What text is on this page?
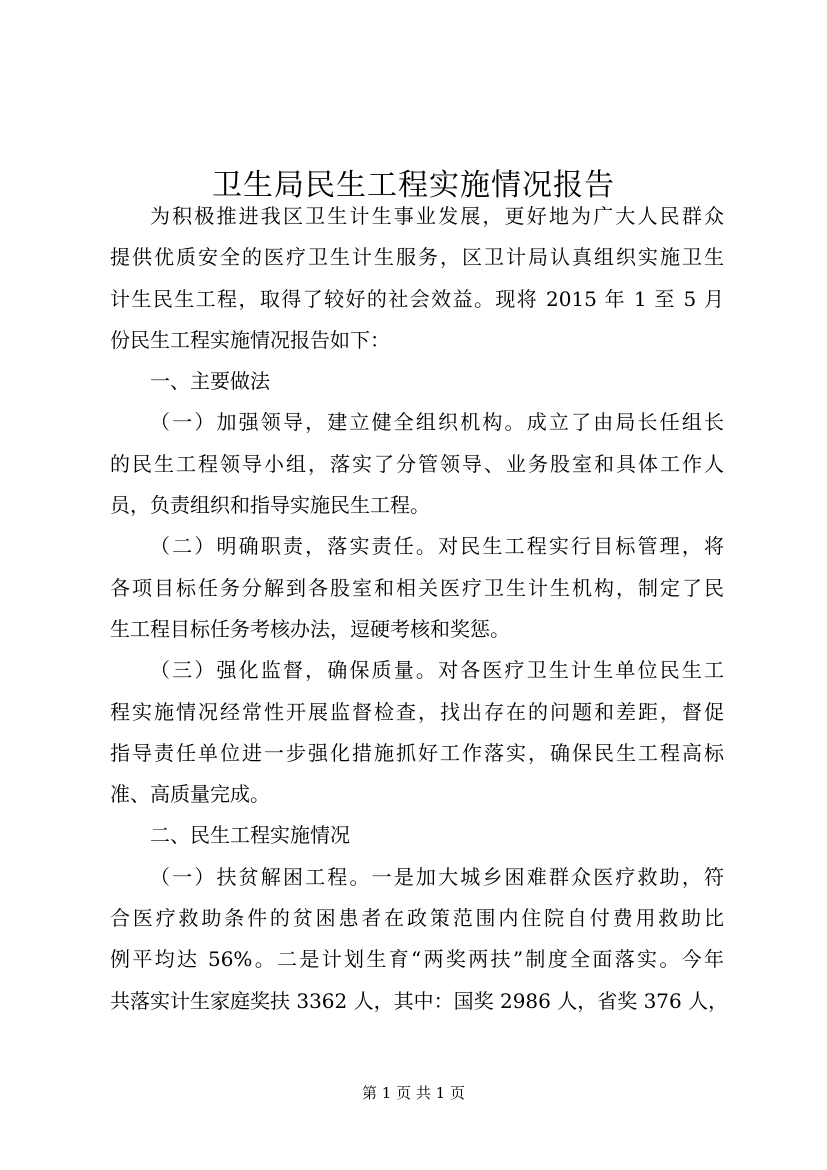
卫生局民生工程实施情况报告
为积极推进我区卫生计生事业发展，更好地为广大人民群众
提供优质安全的医疗卫生计生服务，区卫计局认真组织实施卫生
计生民生工程，取得了较好的社会效益。现将 2015 年 1 至 5 月
份民生工程实施情况报告如下：
一、主要做法
（一）加强领导，建立健全组织机构。成立了由局长任组长
的民生工程领导小组，落实了分管领导、业务股室和具体工作人
员，负责组织和指导实施民生工程。
（二）明确职责，落实责任。对民生工程实行目标管理，将
各项目标任务分解到各股室和相关医疗卫生计生机构，制定了民
生工程目标任务考核办法，逗硬考核和奖惩。
（三）强化监督，确保质量。对各医疗卫生计生单位民生工
程实施情况经常性开展监督检查，找出存在的问题和差距，督促
指导责任单位进一步强化措施抓好工作落实，确保民生工程高标
准、高质量完成。
二、民生工程实施情况
（一）扶贫解困工程。一是加大城乡困难群众医疗救助，符
合医疗救助条件的贫困患者在政策范围内住院自付费用救助比
例平均达 56%。二是计划生育“两奖两扶”制度全面落实。今年
共落实计生家庭奖扶 3362 人，其中：国奖 2986 人，省奖 376 人，
第 1 页 共 1 页
